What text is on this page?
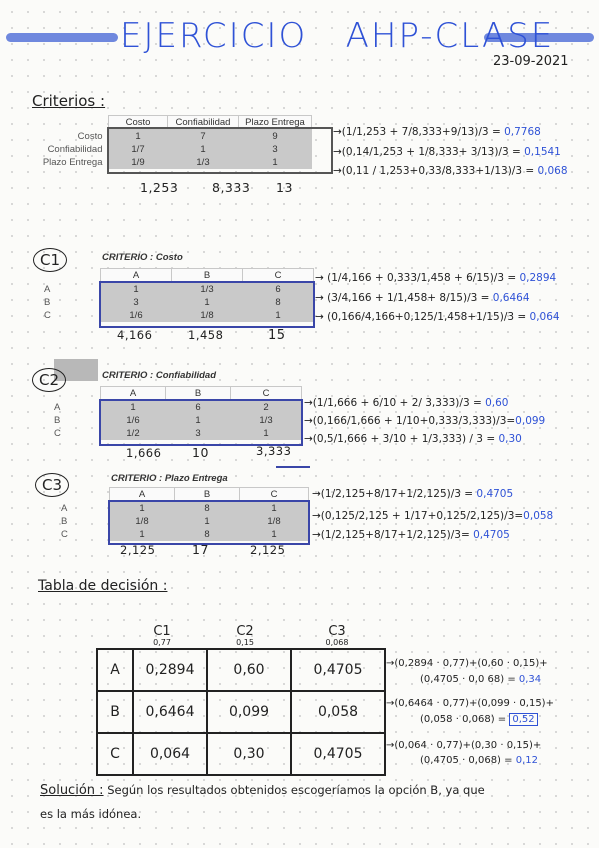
EJERCICIO   AHP-CLASE
23-09-2021
Criterios :
	Costo	Confiabilidad	Plazo Entrega
Costo	1	7	9
Confiabilidad	1/7	1	3
Plazo Entrega	1/9	1/3	1
1,253	8,333 13
→(1/1,253 + 7/8,333+9/13)/3 = 0,7768
→(0,14/1,253 + 1/8,333+ 3/13)/3 = 0,1541
→(0,11 / 1,253+0,33/8,333+1/13)/3 = 0,068
C1	CRITERIO : Costo
	A	B	C
A	1	1/3	6
B	3	1	8
C	1/6	1/8	1
4,166	1,458	15
→ (1/4,166 + 0,333/1,458 + 6/15)/3 = 0,2894
→ (3/4,166 + 1/1,458+ 8/15)/3 = 0,6464
→ (0,166/4,166+0,125/1,458+1/15)/3 = 0,064
C2	CRITERIO : Confiabilidad
	A	B	C
A	1	6	2
B	1/6	1	1/3
C	1/2	3	1
1,666 10	3,333
→(1/1,666 + 6/10 + 2/ 3,333)/3 = 0,60
→(0,166/1,666 + 1/10+0,333/3,333)/3=0,099
→(0,5/1,666 + 3/10 + 1/3,333) / 3 = 0,30
C3	CRITERIO : Plazo Entrega
	A	B	C
A	1	8	1
B	1/8	1	1/8
C	1	8	1
2,125	17	2,125
→(1/2,125+8/17+1/2,125)/3 = 0,4705
→(0,125/2,125 + 1/17+0,125/2,125)/3=0,058
→(1/2,125+8/17+1/2,125)/3= 0,4705
Tabla de decisión :
C1
0,77
C2
0,15
C3
0,068
A	0,2894	0,60	0,4705
B	0,6464	0,099	0,058
C	0,064	0,30	0,4705
→(0,2894 · 0,77)+(0,60 · 0,15)+
(0,4705 · 0,0 68) = 0,34
→(0,6464 · 0,77)+(0,099 · 0,15)+
(0,058 · 0,068) = 0,52
→(0,064 · 0,77)+(0,30 · 0,15)+
(0,4705 · 0,068) = 0,12
Solución : Según los resultados obtenidos escogeríamos la opción B, ya que
es la más idónea.
